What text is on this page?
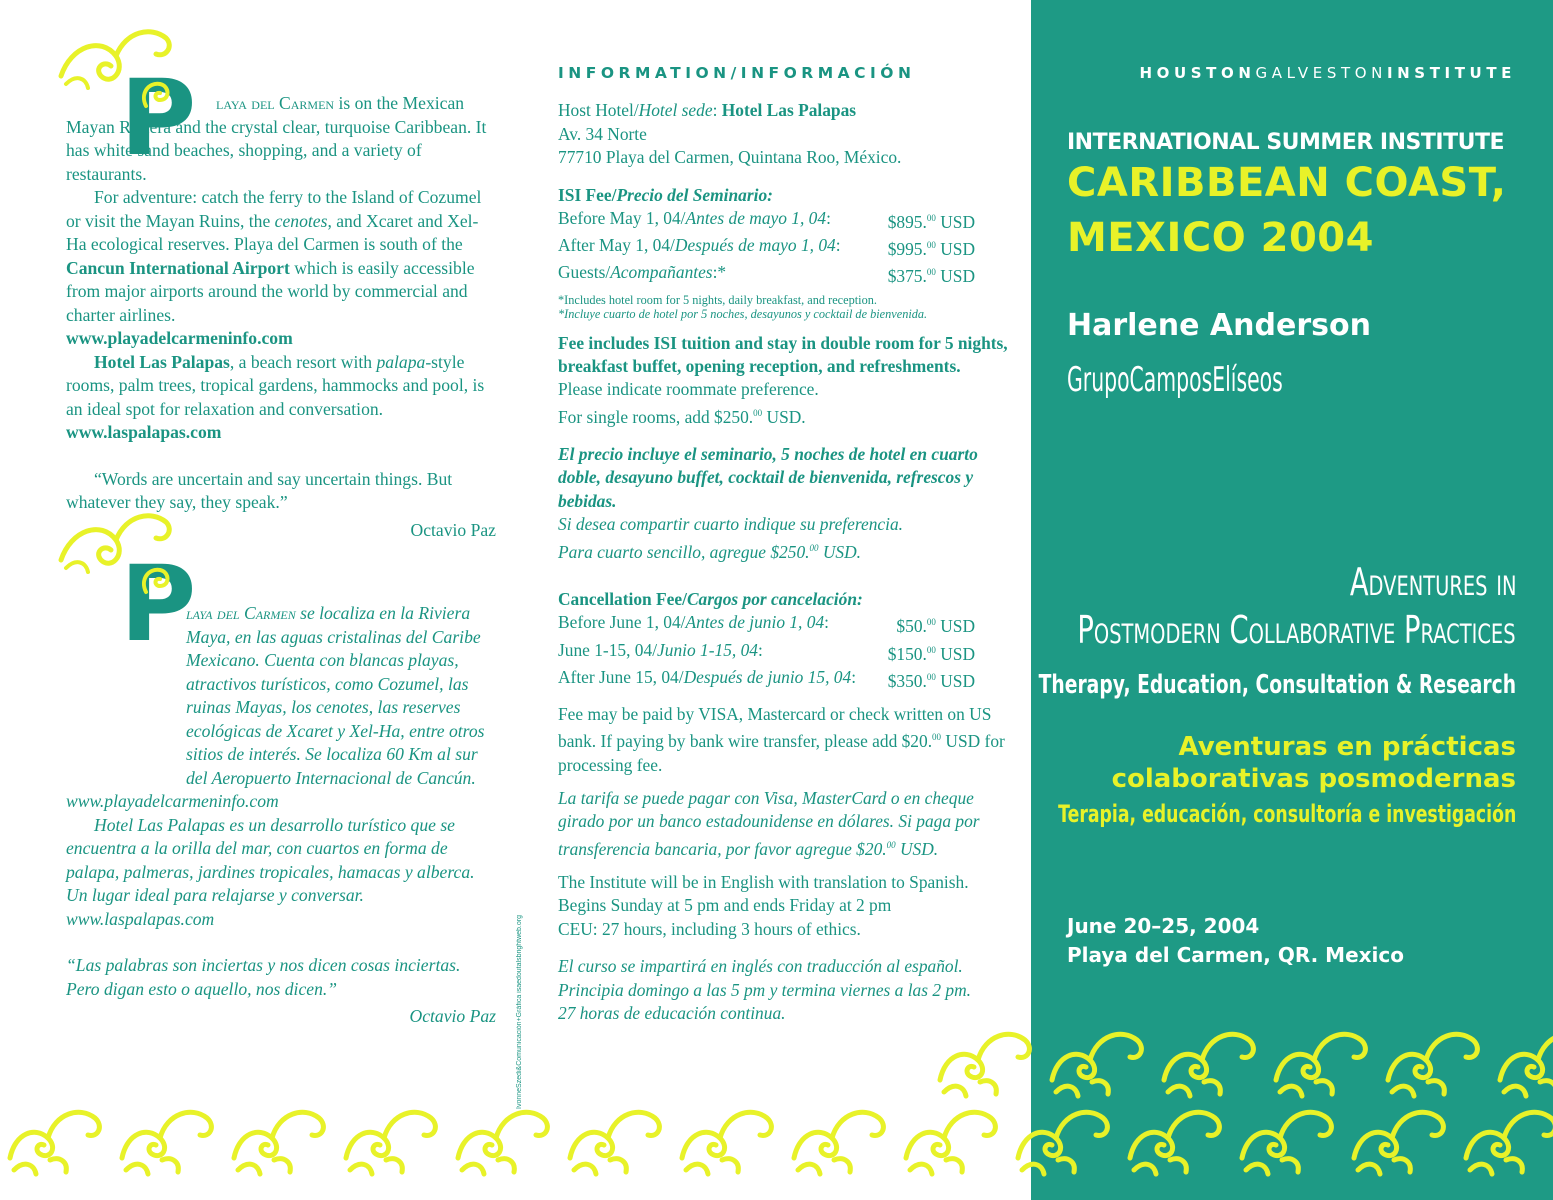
P	laya del Carmen is on the Mexican Mayan Riviera and the crystal clear, turquoise Caribbean. It has white sand beaches, shopping, and a variety of restaurants.

For adventure: catch the ferry to the Island of Cozumel or visit the Mayan Ruins, the cenotes, and Xcaret and Xel-Ha ecological reserves. Playa del Carmen is south of the Cancun International Airport which is easily accessible from major airports around the world by commercial and charter airlines.

www.playadelcarmeninfo.com

Hotel Las Palapas, a beach resort with palapa-style rooms, palm trees, tropical gardens, hammocks and pool, is an ideal spot for relaxation and conversation. www.laspalapas.com

“Words are uncertain and say uncertain things. But whatever they say, they speak.”

Octavio Paz

P

laya del Carmen se localiza en la Riviera Maya, en las aguas cristalinas del Caribe Mexicano. Cuenta con blancas playas, atractivos turísticos, como Cozumel, las ruinas Mayas, los cenotes, las reserves ecológicas de Xcaret y Xel-Ha, entre otros sitios de interés. Se localiza 60 Km al sur del Aeropuerto Internacional de Cancún.

www.playadelcarmeninfo.com

Hotel Las Palapas es un desarrollo turístico que se encuentra a la orilla del mar, con cuartos en forma de palapa, palmeras, jardines tropicales, hamacas y alberca. Un lugar ideal para relajarse y conversar.

www.laspalapas.com

“Las palabras son inciertas y nos dicen cosas inciertas. Pero digan esto o aquello, nos dicen.”

Octavio Paz

INFORMATION/INFORMACIÓN

Host Hotel/Hotel sede: Hotel Las Palapas

Av. 34 Norte

77710 Playa del Carmen, Quintana Roo, México.

ISI Fee/Precio del Seminario:

Before May 1, 04/Antes de mayo 1, 04:	$895.00 USD
After May 1, 04/Después de mayo 1, 04:	$995.00 USD
Guests/Acompañantes:*	$375.00 USD

*Includes hotel room for 5 nights, daily breakfast, and reception.

*Incluye cuarto de hotel por 5 noches, desayunos y cocktail de bienvenida.

Fee includes ISI tuition and stay in double room for 5 nights, breakfast buffet, opening reception, and refreshments.

Please indicate roommate preference.

For single rooms, add $250.00 USD.

El precio incluye el seminario, 5 noches de hotel en cuarto doble, desayuno buffet, cocktail de bienvenida, refrescos y bebidas.

Si desea compartir cuarto indique su preferencia.

Para cuarto sencillo, agregue $250.00 USD.

Cancellation Fee/Cargos por cancelación:

Before June 1, 04/Antes de junio 1, 04:	$50.00 USD
June 1-15, 04/Junio 1-15, 04:	$150.00 USD
After June 15, 04/Después de junio 15, 04: $350.00 USD

Fee may be paid by VISA, Mastercard or check written on US bank. If paying by bank wire transfer, please add $20.00 USD for processing fee.

La tarifa se puede pagar con Visa, MasterCard o en cheque girado por un banco estadounidense en dólares. Si paga por transferencia bancaria, por favor agregue $20.00 USD.

The Institute will be in English with translation to Spanish.

Begins Sunday at 5 pm and ends Friday at 2 pm

CEU: 27 hours, including 3 hours of ethics.

El curso se impartirá en inglés con traducción al español.

Principia domingo a las 5 pm y termina viernes a las 2 pm.

27 horas de educación continua.

IvonneSzedi&Comunicación+Gráfica isaedoutalsbrightweb.org
HOUSTONGALVESTONINSTITUTE
INTERNATIONAL SUMMER INSTITUTE
CARIBBEAN COAST,
MEXICO 2004
Harlene Anderson
GrupoCamposElíseos
Adventures in
Postmodern Collaborative Practices
Therapy, Education, Consultation & Research
Aventuras en prácticas
colaborativas posmodernas
Terapia, educación, consultoría e investigación
June 20–25, 2004
Playa del Carmen, QR. Mexico
